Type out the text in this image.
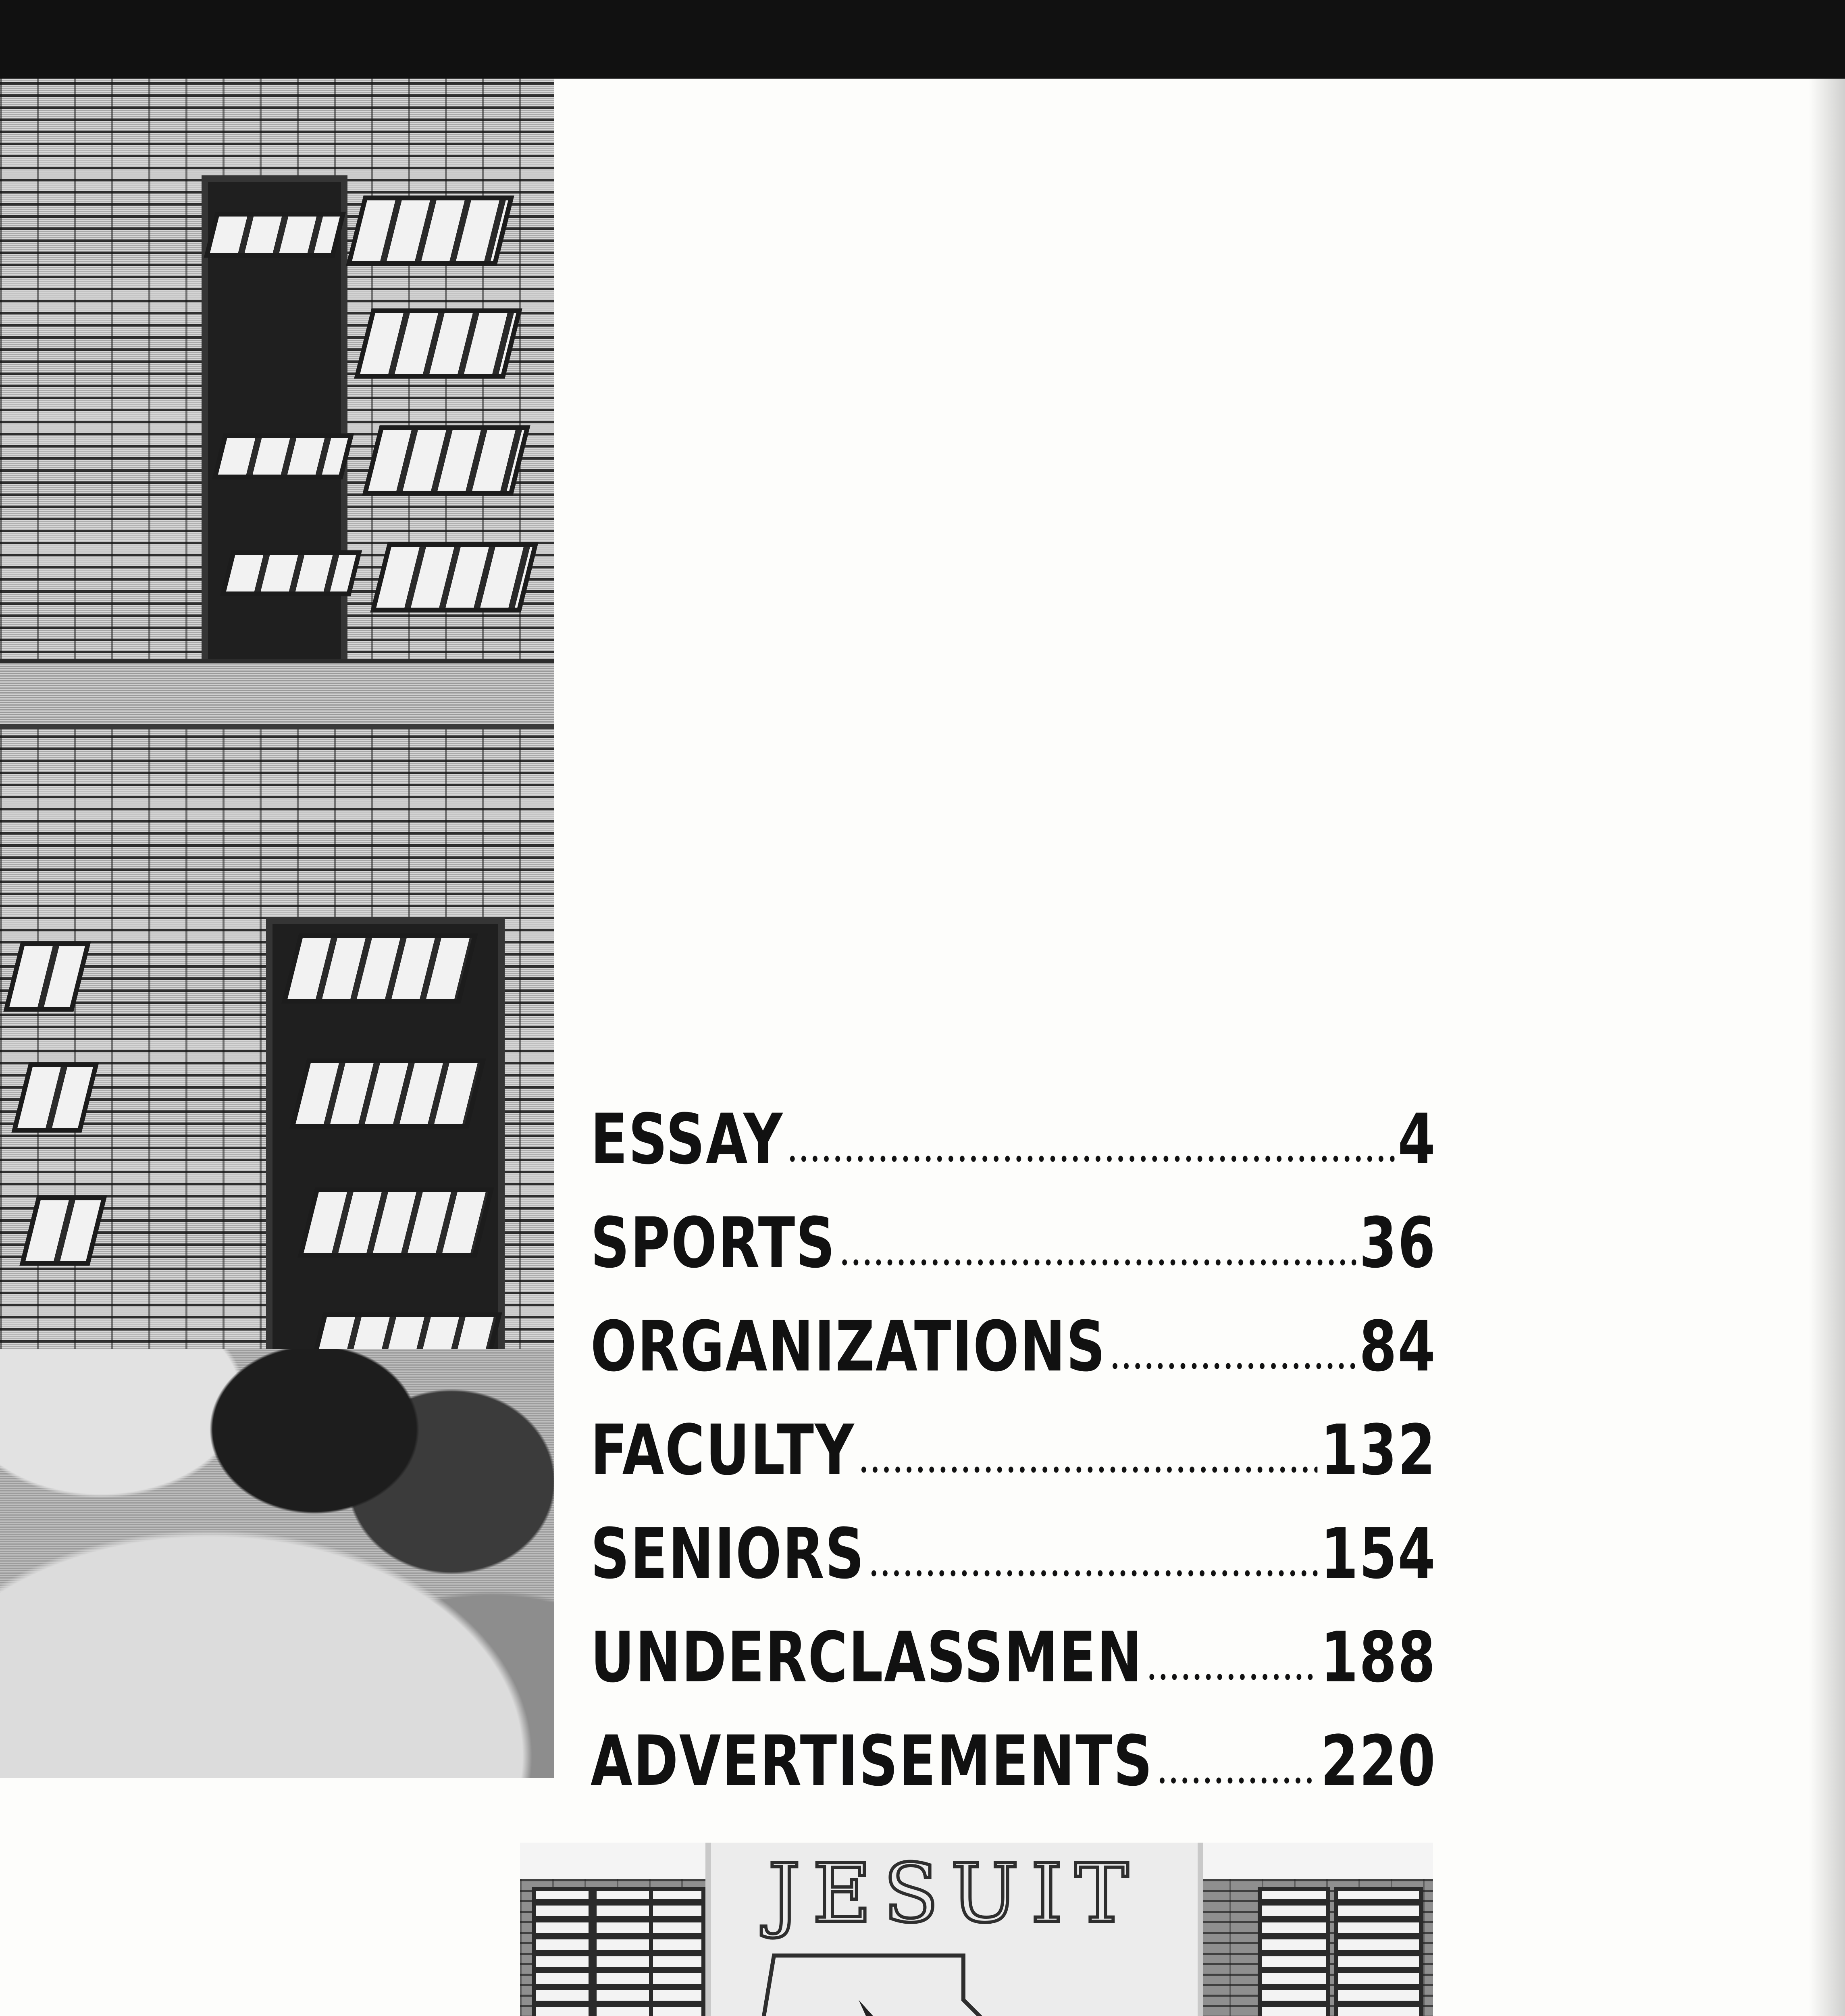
ESSAY	4
SPORTS	36
ORGANIZATIONS	84
FACULTY	132
SENIORS	154
UNDERCLASSMEN	188
ADVERTISEMENTS 220
JESUIT
